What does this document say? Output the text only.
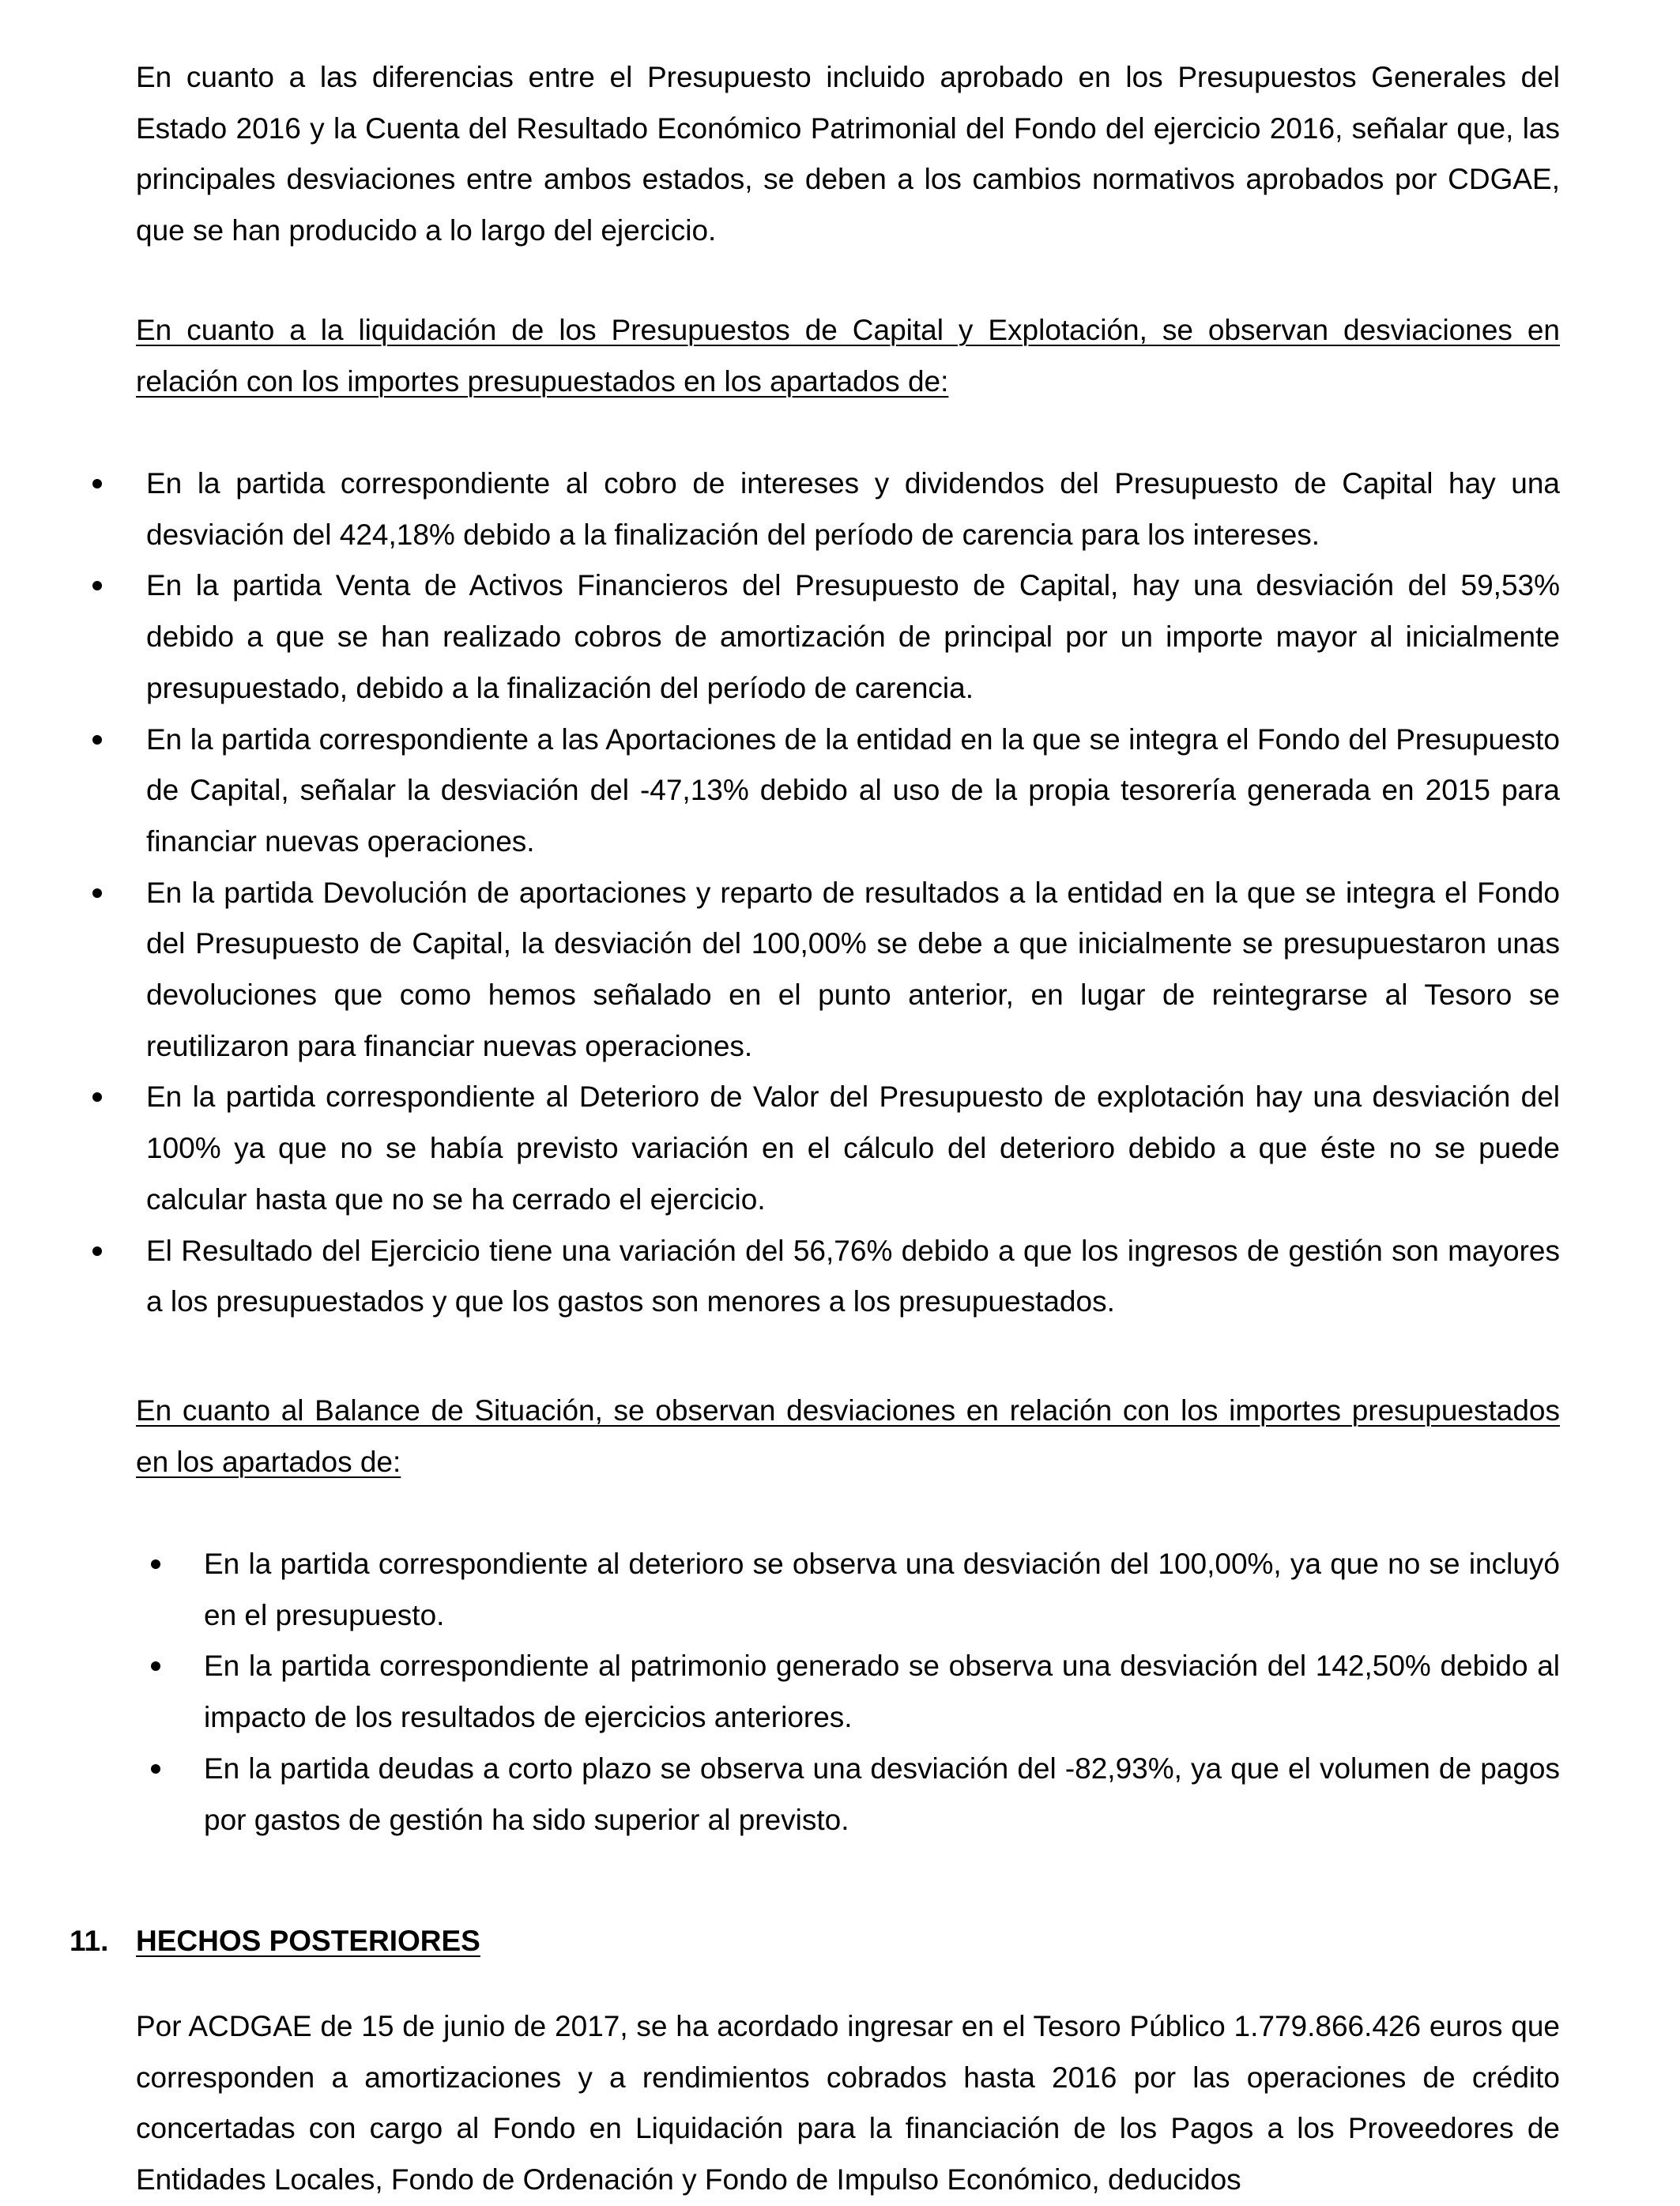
En cuanto a las diferencias entre el Presupuesto incluido aprobado en los Presupuestos Generales del Estado 2016 y la Cuenta del Resultado Económico Patrimonial del Fondo del ejercicio 2016, señalar que, las principales desviaciones entre ambos estados, se deben a los cambios normativos aprobados por CDGAE, que se han producido a lo largo del ejercicio.

En cuanto a la liquidación de los Presupuestos de Capital y Explotación, se observan desviaciones en relación con los importes presupuestados en los apartados de:

En la partida correspondiente al cobro de intereses y dividendos del Presupuesto de Capital hay una desviación del 424,18% debido a la finalización del período de carencia para los intereses.
En la partida Venta de Activos Financieros del Presupuesto de Capital, hay una desviación del 59,53% debido a que se han realizado cobros de amortización de principal por un importe mayor al inicialmente presupuestado, debido a la finalización del período de carencia.
En la partida correspondiente a las Aportaciones de la entidad en la que se integra el Fondo del Presupuesto de Capital, señalar la desviación del -47,13% debido al uso de la propia tesorería generada en 2015 para financiar nuevas operaciones.
En la partida Devolución de aportaciones y reparto de resultados a la entidad en la que se integra el Fondo del Presupuesto de Capital, la desviación del 100,00% se debe a que inicialmente se presupuestaron unas devoluciones que como hemos señalado en el punto anterior, en lugar de reintegrarse al Tesoro se reutilizaron para financiar nuevas operaciones.
En la partida correspondiente al Deterioro de Valor del Presupuesto de explotación hay una desviación del 100% ya que no se había previsto variación en el cálculo del deterioro debido a que éste no se puede calcular hasta que no se ha cerrado el ejercicio.
El Resultado del Ejercicio tiene una variación del 56,76% debido a que los ingresos de gestión son mayores a los presupuestados y que los gastos son menores a los presupuestados.

En cuanto al Balance de Situación, se observan desviaciones en relación con los importes presupuestados en los apartados de:

En la partida correspondiente al deterioro se observa una desviación del 100,00%, ya que no se incluyó en el presupuesto.
En la partida correspondiente al patrimonio generado se observa una desviación del 142,50% debido al impacto de los resultados de ejercicios anteriores.
En la partida deudas a corto plazo se observa una desviación del -82,93%, ya que el volumen de pagos por gastos de gestión ha sido superior al previsto.
11. HECHOS POSTERIORES

Por ACDGAE de 15 de junio de 2017, se ha acordado ingresar en el Tesoro Público 1.779.866.426 euros que corresponden a amortizaciones y a rendimientos cobrados hasta 2016 por las operaciones de crédito concertadas con cargo al Fondo en Liquidación para la financiación de los Pagos a los Proveedores de Entidades Locales, Fondo de Ordenación y Fondo de Impulso Económico, deducidos
